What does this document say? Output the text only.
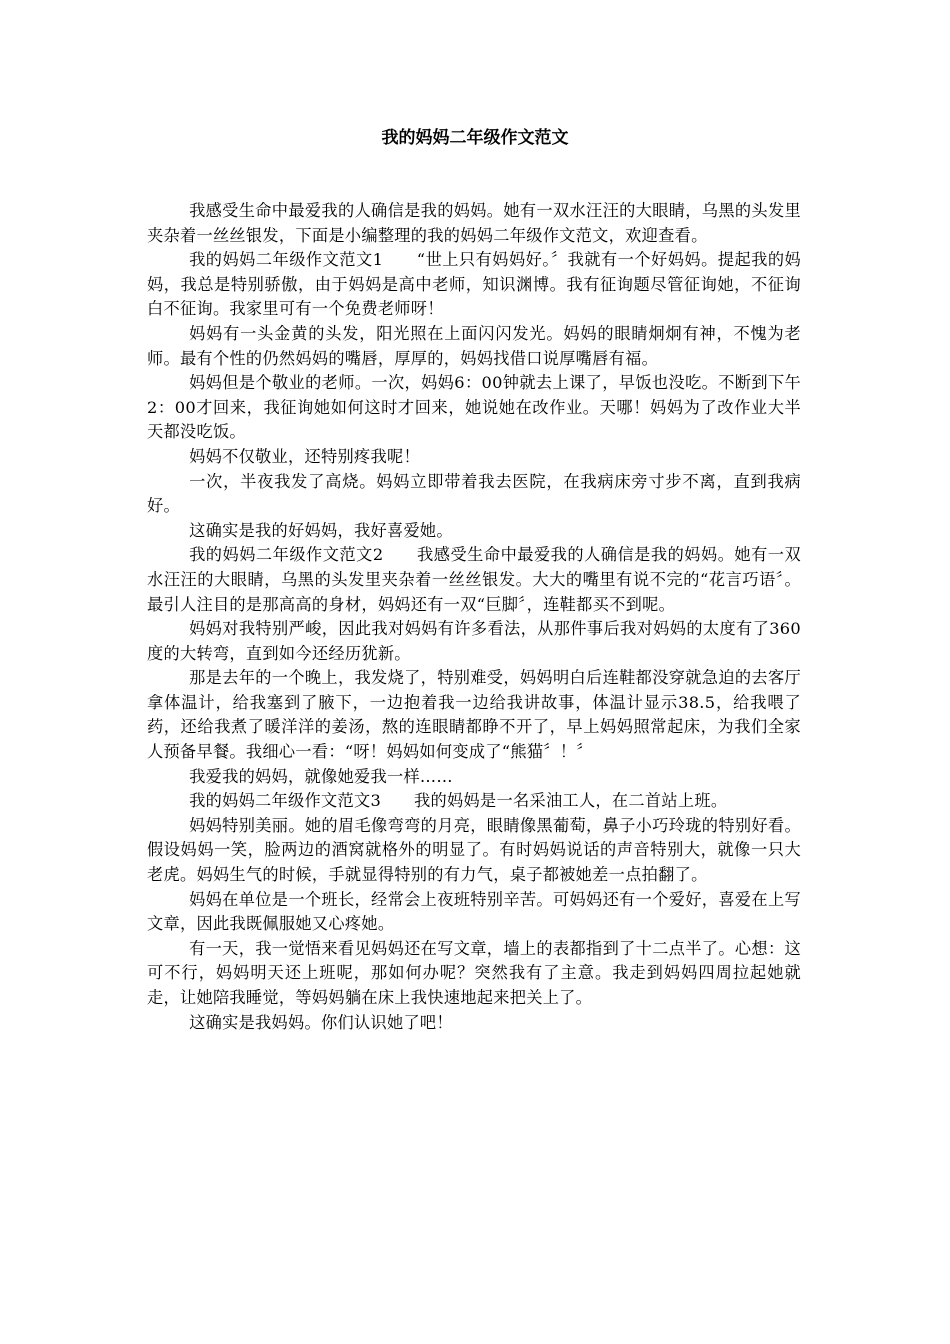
我的妈妈二年级作文范文

我感受生命中最爱我的人确信是我的妈妈。她有一双水汪汪的大眼睛，乌黑的头发里夹杂着一丝丝银发，下面是小编整理的我的妈妈二年级作文范文，欢迎查看。

我的妈妈二年级作文范文1　　“世上只有妈妈好。〞我就有一个好妈妈。提起我的妈妈，我总是特别骄傲，由于妈妈是高中老师，知识渊博。我有征询题尽管征询她，不征询白不征询。我家里可有一个免费老师呀！

妈妈有一头金黄的头发，阳光照在上面闪闪发光。妈妈的眼睛炯炯有神，不愧为老师。最有个性的仍然妈妈的嘴唇，厚厚的，妈妈找借口说厚嘴唇有福。

妈妈但是个敬业的老师。一次，妈妈6：00钟就去上课了，早饭也没吃。不断到下午2：00才回来，我征询她如何这时才回来，她说她在改作业。天哪！妈妈为了改作业大半天都没吃饭。

妈妈不仅敬业，还特别疼我呢！

一次，半夜我发了高烧。妈妈立即带着我去医院，在我病床旁寸步不离，直到我病好。

这确实是我的好妈妈，我好喜爱她。

我的妈妈二年级作文范文2　　我感受生命中最爱我的人确信是我的妈妈。她有一双水汪汪的大眼睛，乌黑的头发里夹杂着一丝丝银发。大大的嘴里有说不完的“花言巧语〞。最引人注目的是那高高的身材，妈妈还有一双“巨脚〞，连鞋都买不到呢。

妈妈对我特别严峻，因此我对妈妈有许多看法，从那件事后我对妈妈的太度有了360度的大转弯，直到如今还经历犹新。

那是去年的一个晚上，我发烧了，特别难受，妈妈明白后连鞋都没穿就急迫的去客厅拿体温计，给我塞到了腋下，一边抱着我一边给我讲故事，体温计显示38.5，给我喂了药，还给我煮了暖洋洋的姜汤，熬的连眼睛都睁不开了，早上妈妈照常起床，为我们全家人预备早餐。我细心一看：“呀！妈妈如何变成了“熊猫〞！〞

我爱我的妈妈，就像她爱我一样……

我的妈妈二年级作文范文3　　我的妈妈是一名采油工人，在二首站上班。

妈妈特别美丽。她的眉毛像弯弯的月亮，眼睛像黑葡萄，鼻子小巧玲珑的特别好看。假设妈妈一笑，脸两边的酒窝就格外的明显了。有时妈妈说话的声音特别大，就像一只大老虎。妈妈生气的时候，手就显得特别的有力气，桌子都被她差一点拍翻了。

妈妈在单位是一个班长，经常会上夜班特别辛苦。可妈妈还有一个爱好，喜爱在上写文章，因此我既佩服她又心疼她。

有一天，我一觉悟来看见妈妈还在写文章，墙上的表都指到了十二点半了。心想：这可不行，妈妈明天还上班呢，那如何办呢？突然我有了主意。我走到妈妈四周拉起她就走，让她陪我睡觉，等妈妈躺在床上我快速地起来把关上了。

这确实是我妈妈。你们认识她了吧！
